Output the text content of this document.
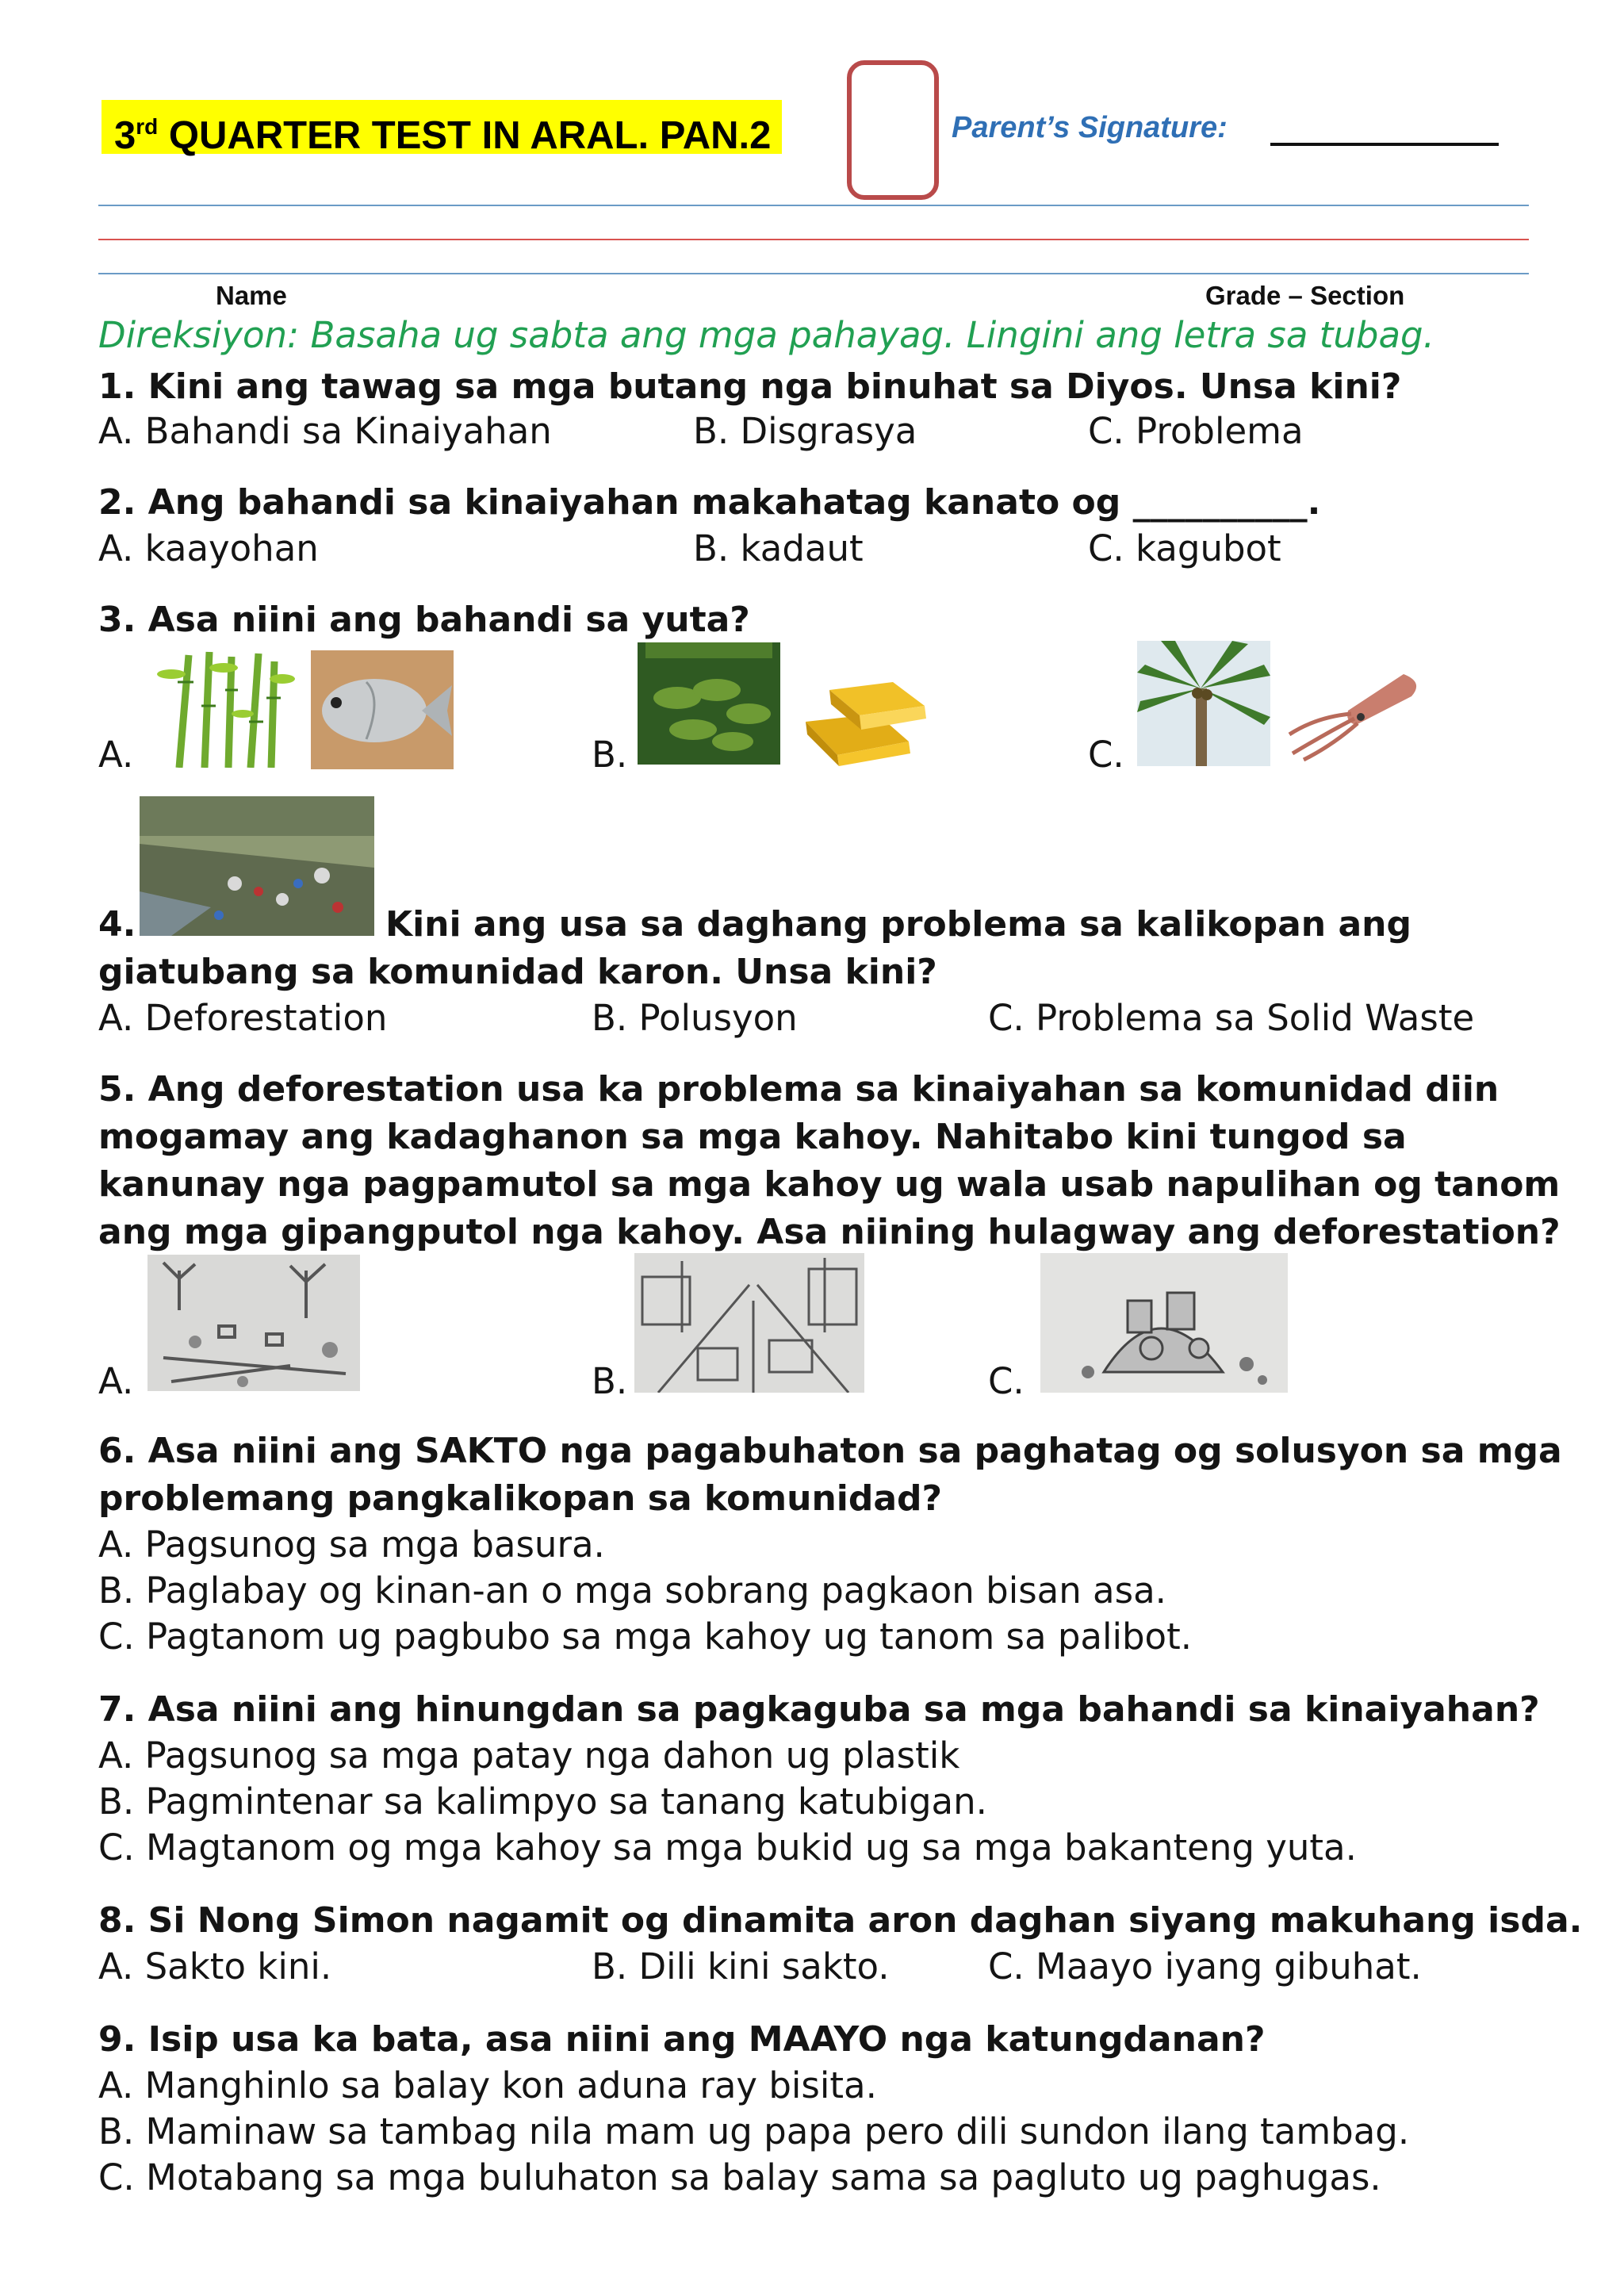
3rd QUARTER TEST IN ARAL. PAN.2	Parent’s Signature:
Name	Grade – Section
Direksiyon: Basaha ug sabta ang mga pahayag. Lingini ang letra sa tubag.
1. Kini ang tawag sa mga butang nga binuhat sa Diyos. Unsa kini?
A. Bahandi sa Kinaiyahan	B. Disgrasya	C. Problema
2. Ang bahandi sa kinaiyahan makahatag kanato og __________.
A. kaayohan	B. kadaut	C. kagubot
3. Asa niini ang bahandi sa yuta?
A.	B.	C.
4.	Kini ang usa sa daghang problema sa kalikopan ang
giatubang sa komunidad karon. Unsa kini?
A. Deforestation	B. Polusyon	C. Problema sa Solid Waste
5. Ang deforestation usa ka problema sa kinaiyahan sa komunidad diin
mogamay ang kadaghanon sa mga kahoy. Nahitabo kini tungod sa
kanunay nga pagpamutol sa mga kahoy ug wala usab napulihan og tanom
ang mga gipangputol nga kahoy. Asa niining hulagway ang deforestation?
A.	B.	C.
6. Asa niini ang SAKTO nga pagabuhaton sa paghatag og solusyon sa mga
problemang pangkalikopan sa komunidad?
A. Pagsunog sa mga basura.
B. Paglabay og kinan-an o mga sobrang pagkaon bisan asa.
C. Pagtanom ug pagbubo sa mga kahoy ug tanom sa palibot.
7. Asa niini ang hinungdan sa pagkaguba sa mga bahandi sa kinaiyahan?
A. Pagsunog sa mga patay nga dahon ug plastik
B. Pagmintenar sa kalimpyo sa tanang katubigan.
C. Magtanom og mga kahoy sa mga bukid ug sa mga bakanteng yuta.
8. Si Nong Simon nagamit og dinamita aron daghan siyang makuhang isda.
A. Sakto kini.	B. Dili kini sakto.	C. Maayo iyang gibuhat.
9. Isip usa ka bata, asa niini ang MAAYO nga katungdanan?
A. Manghinlo sa balay kon aduna ray bisita.
B. Maminaw sa tambag nila mam ug papa pero dili sundon ilang tambag.
C. Motabang sa mga buluhaton sa balay sama sa pagluto ug paghugas.
